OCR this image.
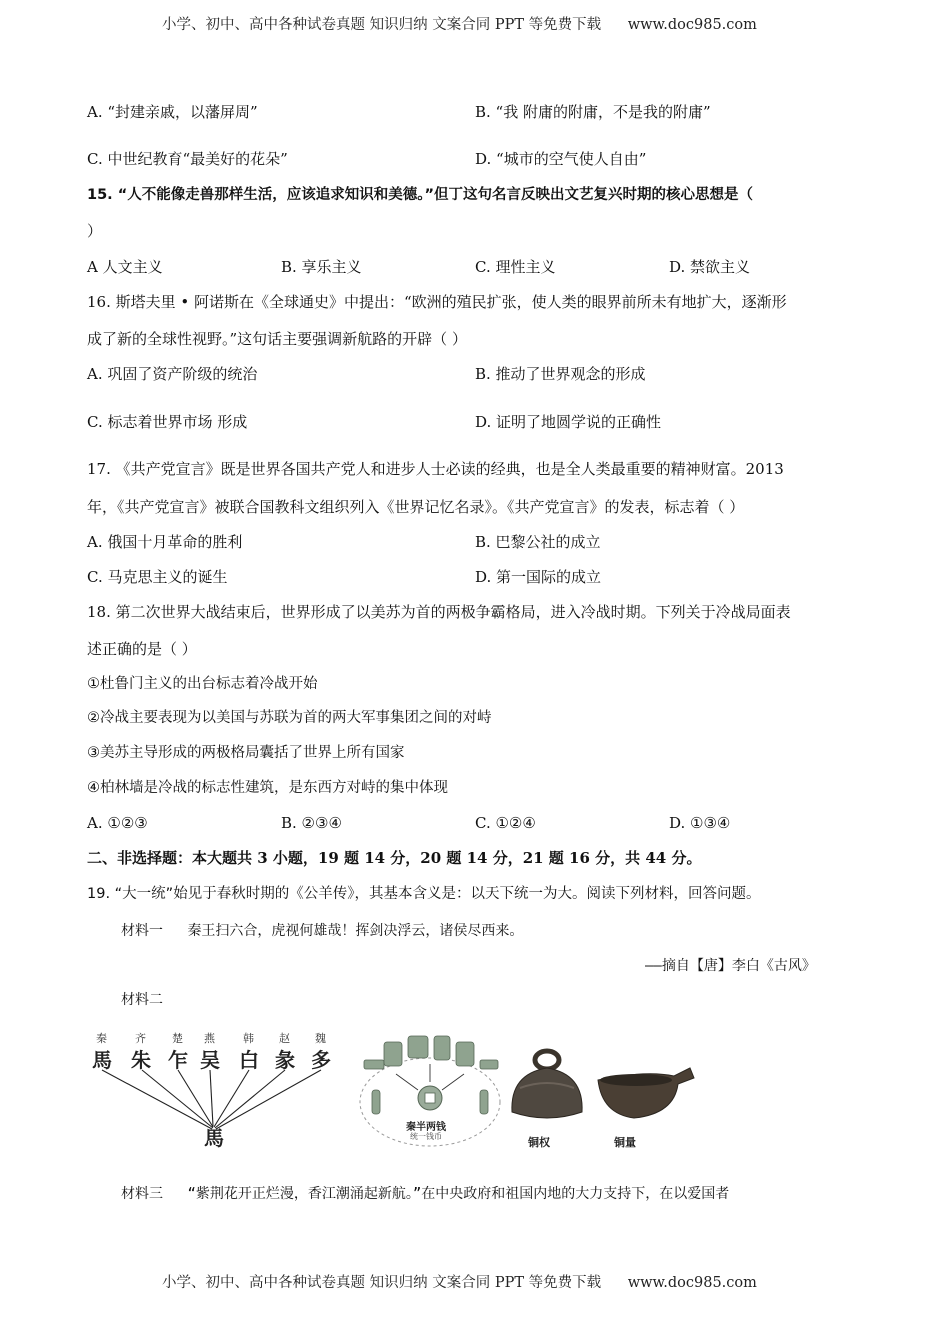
小学、初中、高中各种试卷真题 知识归纳 文案合同 PPT 等免费下载 www.doc985.com
A. “封建亲戚，以藩屏周”	B. “我 附庸的附庸，不是我的附庸”
C. 中世纪教育“最美好的花朵”	D. “城市的空气使人自由”
15. “人不能像走兽那样生活，应该追求知识和美德。”但丁这句名言反映出文艺复兴时期的核心思想是（
）
A 人文主义	B. 享乐主义	C. 理性主义	D. 禁欲主义
16. 斯塔夫里 • 阿诺斯在《全球通史》中提出：“欧洲的殖民扩张，使人类的眼界前所未有地扩大，逐渐形
成了新的全球性视野。”这句话主要强调新航路的开辟（ ）
A. 巩固了资产阶级的统治	B. 推动了世界观念的形成
C. 标志着世界市场 形成	D. 证明了地圆学说的正确性
17. 《共产党宣言》既是世界各国共产党人和进步人士必读的经典，也是全人类最重要的精神财富。2013
年，《共产党宣言》被联合国教科文组织列入《世界记忆名录》。《共产党宣言》的发表，标志着（ ）
A. 俄国十月革命的胜利	B. 巴黎公社的成立
C. 马克思主义的诞生	D. 第一国际的成立
18. 第二次世界大战结束后，世界形成了以美苏为首的两极争霸格局，进入冷战时期。下列关于冷战局面表
述正确的是（ ）
①杜鲁门主义的出台标志着冷战开始
②冷战主要表现为以美国与苏联为首的两大军事集团之间的对峙
③美苏主导形成的两极格局囊括了世界上所有国家
④柏林墙是冷战的标志性建筑，是东西方对峙的集中体现
A. ①②③	B. ②③④	C. ①②④	D. ①③④
二、非选择题：本大题共 3 小题，19 题 14 分，20 题 14 分，21 题 16 分，共 44 分。
19. “大一统”始见于春秋时期的《公羊传》，其基本含义是：以天下统一为大。阅读下列材料，回答问题。
材料一 秦王扫六合，虎视何雄哉！挥剑决浮云，诸侯尽西来。
——摘自【唐】李白《古风》
材料二
秦	齐 楚 燕	韩 赵 魏
馬 朱 乍 吴 白 彖 多
馬	秦半两钱
统一钱币	铜权	铜量
材料三 “紫荆花开正烂漫，香江潮涌起新航。”在中央政府和祖国内地的大力支持下，在以爱国者
小学、初中、高中各种试卷真题 知识归纳 文案合同 PPT 等免费下载 www.doc985.com
